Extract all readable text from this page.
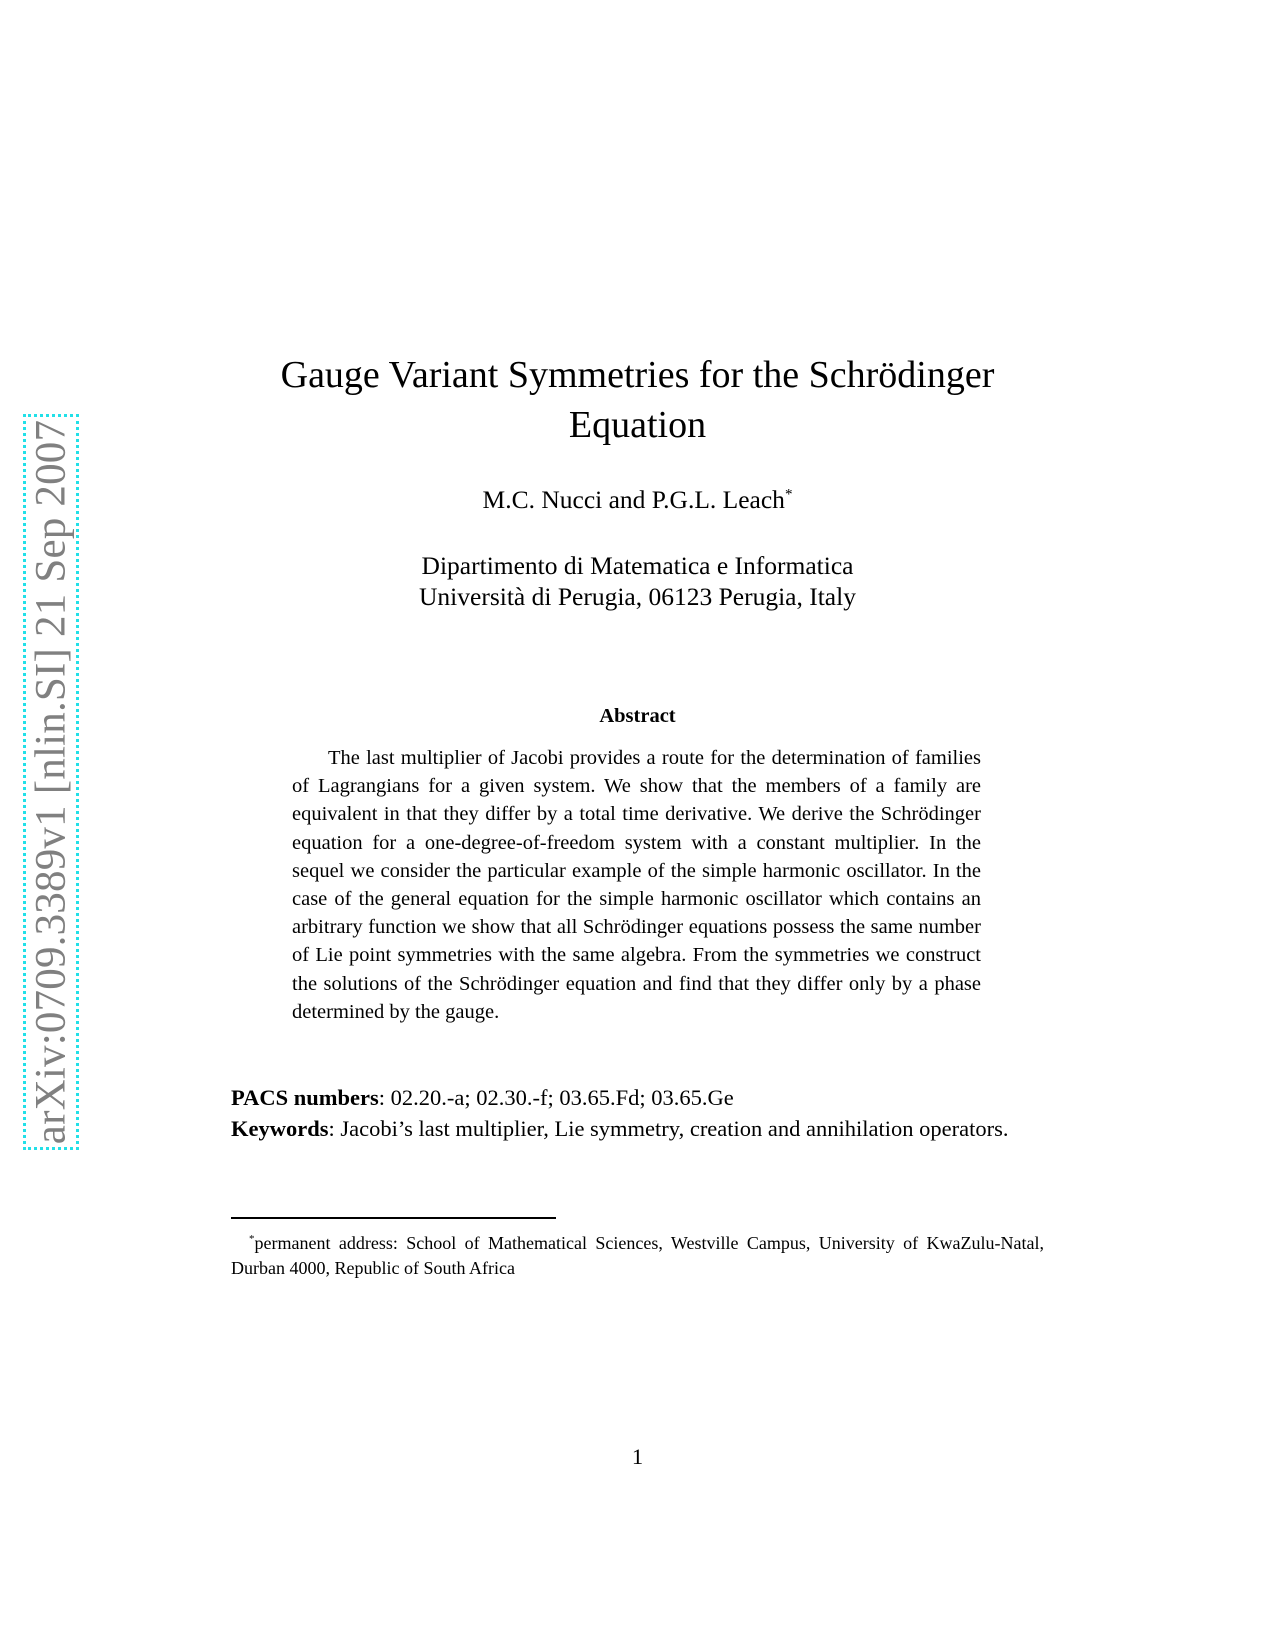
arXiv:0709.3389v1 [nlin.SI] 21 Sep 2007
Gauge Variant Symmetries for the Schrödinger
Equation
M.C. Nucci and P.G.L. Leach*
Dipartimento di Matematica e Informatica
Università di Perugia, 06123 Perugia, Italy
Abstract

The last multiplier of Jacobi provides a route for the determination of families of Lagrangians for a given system. We show that the members of a family are equivalent in that they differ by a total time derivative. We derive the Schrödinger equation for a one-degree-of-freedom system with a constant multiplier. In the sequel we consider the particular example of the simple harmonic oscillator. In the case of the general equation for the simple harmonic oscillator which contains an arbitrary function we show that all Schrödinger equations possess the same number of Lie point symmetries with the same algebra. From the symmetries we construct the solutions of the Schrödinger equation and find that they differ only by a phase determined by the gauge.

PACS numbers: 02.20.-a; 02.30.-f; 03.65.Fd; 03.65.Ge
Keywords: Jacobi’s last multiplier, Lie symmetry, creation and annihilation operators.

*permanent address: School of Mathematical Sciences, Westville Campus, University of KwaZulu-Natal, Durban 4000, Republic of South Africa

1
